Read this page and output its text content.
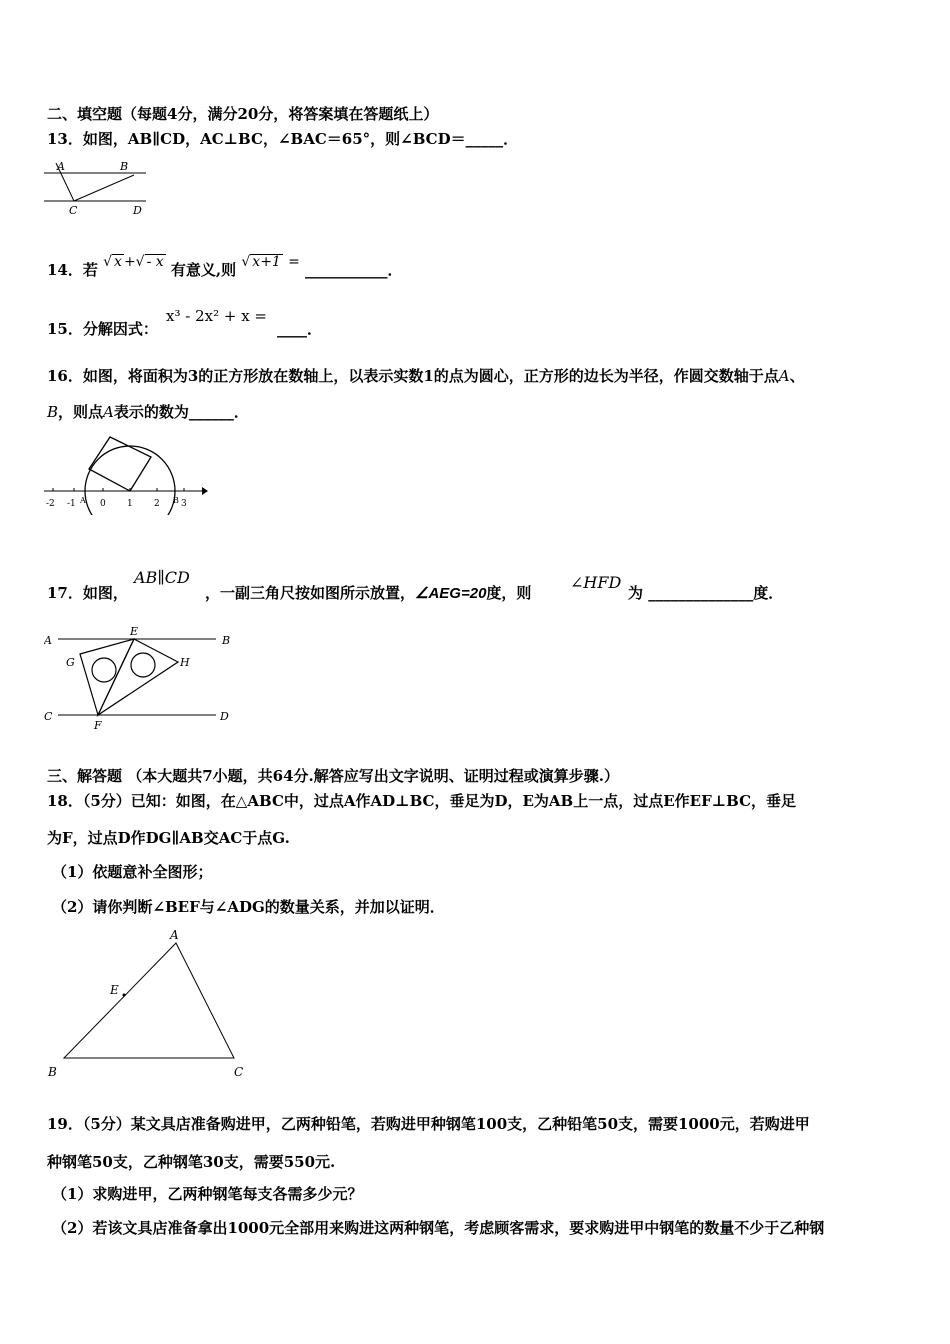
二、填空题（每题4分，满分20分，将答案填在答题纸上）
13．如图，AB∥CD，AC⊥BC，∠BAC＝65°，则∠BCD＝_____．
A	B
C	D
14．若 √ x +√ - x 有意义,则 √ x+1 = ___________．
15．分解因式：
x³ - 2x² + x =
____．
16．如图，将面积为3的正方形放在数轴上，以表示实数1的点为圆心，正方形的边长为半径，作圆交数轴于点A、
B，则点A表示的数为______．
-2 -1 A 0 1 2 B 3
17．如图，
AB∥CD
，一副三角尺按如图所示放置，∠AEG=20度，则
∠HFD
为 ______________度．
A	B
E
G	H
C	D
F
三、解答题 （本大题共7小题，共64分.解答应写出文字说明、证明过程或演算步骤.）
18．（5分）已知：如图，在△ABC中，过点A作AD⊥BC，垂足为D，E为AB上一点，过点E作EF⊥BC，垂足
为F，过点D作DG∥AB交AC于点G.
（1）依题意补全图形；
（2）请你判断∠BEF与∠ADG的数量关系，并加以证明．
A
E
B	C
19．（5分）某文具店准备购进甲，乙两种铅笔，若购进甲种钢笔100支，乙种铅笔50支，需要1000元，若购进甲
种钢笔50支，乙种钢笔30支，需要550元.
（1）求购进甲，乙两种钢笔每支各需多少元？
（2）若该文具店准备拿出1000元全部用来购进这两种钢笔，考虑顾客需求，要求购进甲中钢笔的数量不少于乙种钢
